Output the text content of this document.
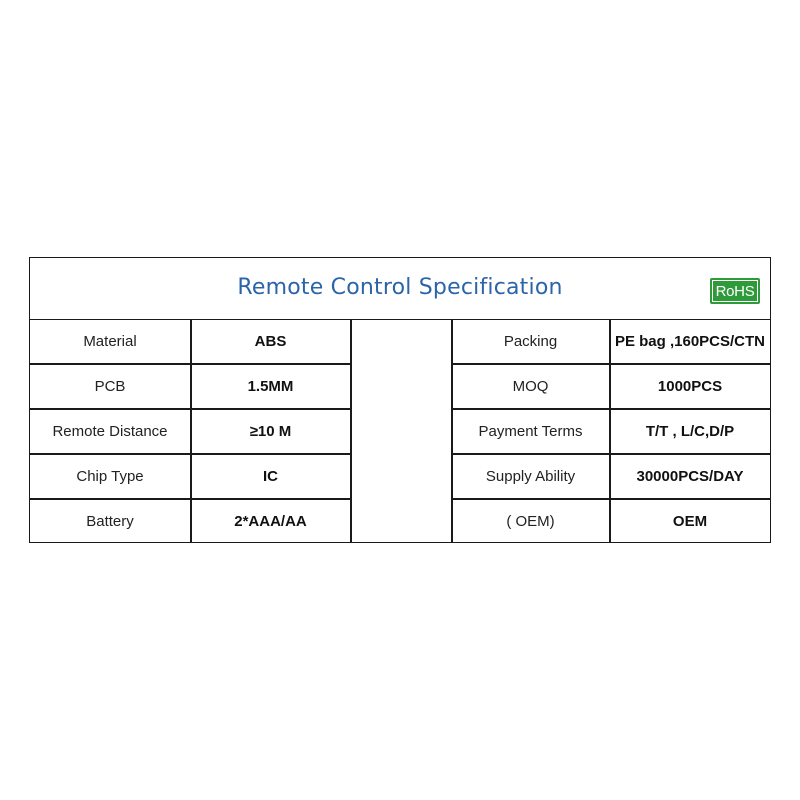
Remote Control Specification	RoHS
Material	ABS	Packing	PE bag ,160PCS/CTN
PCB	1.5MM	MOQ	1000PCS
Remote Distance	≥10 M	Payment Terms	T/T , L/C,D/P
Chip Type	IC	Supply Ability	30000PCS/DAY
Battery	2*AAA/AA	( OEM)	OEM
